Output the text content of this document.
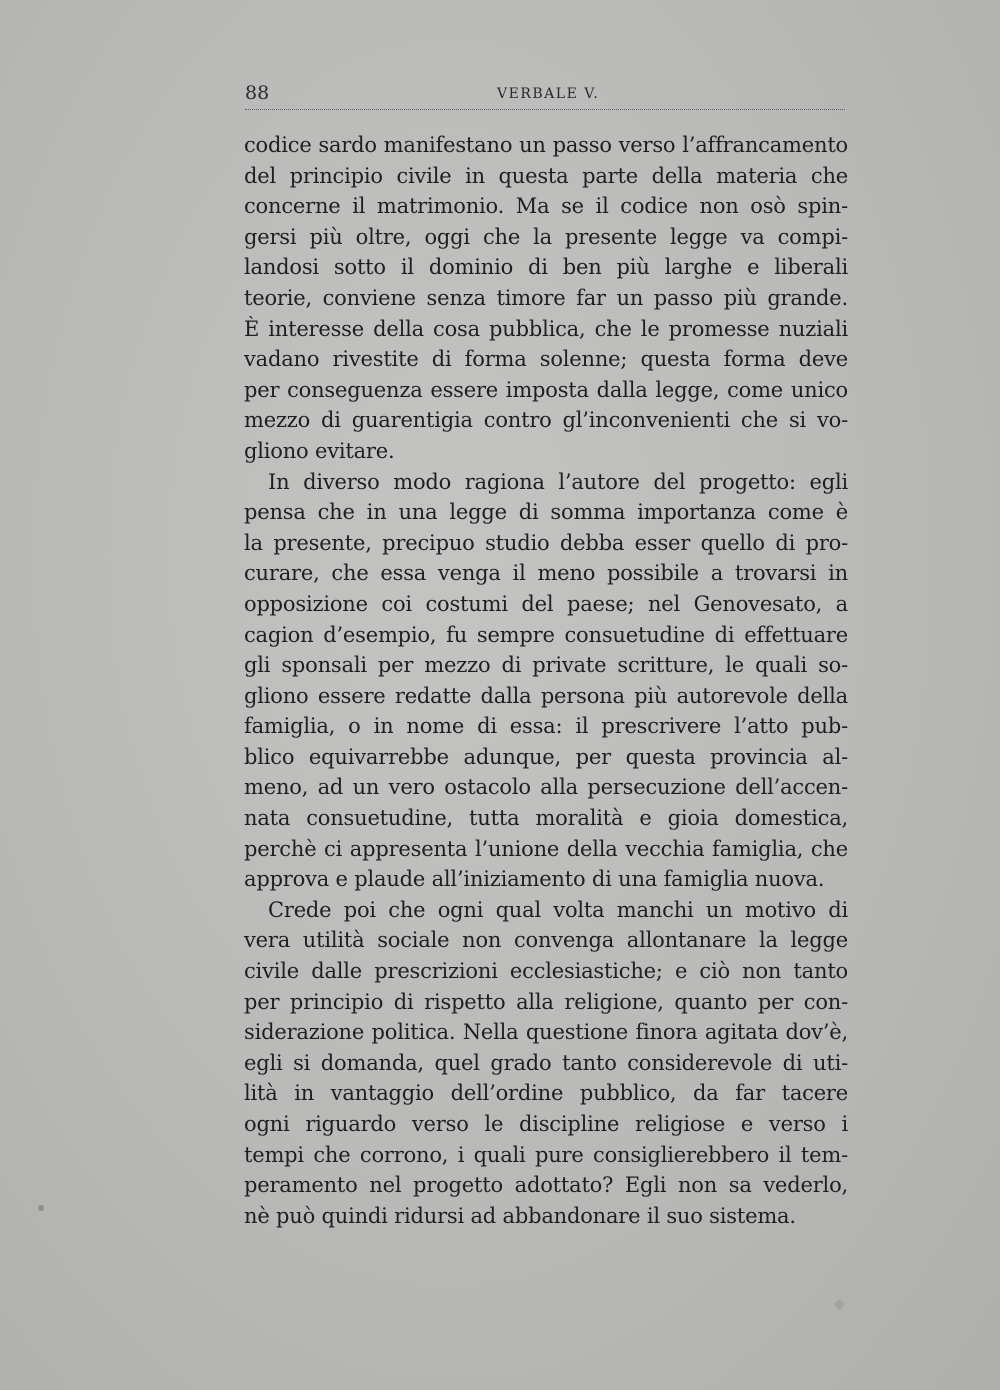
88	VERBALE V.
codice sardo manifestano un passo verso l’affrancamento
del principio civile in questa parte della materia che
concerne il matrimonio. Ma se il codice non osò spin-
gersi più oltre, oggi che la presente legge va compi-
landosi sotto il dominio di ben più larghe e liberali
teorie, conviene senza timore far un passo più grande.
È interesse della cosa pubblica, che le promesse nuziali
vadano rivestite di forma solenne; questa forma deve
per conseguenza essere imposta dalla legge, come unico
mezzo di guarentigia contro gl’inconvenienti che si vo-
gliono evitare.
In diverso modo ragiona l’autore del progetto: egli
pensa che in una legge di somma importanza come è
la presente, precipuo studio debba esser quello di pro-
curare, che essa venga il meno possibile a trovarsi in
opposizione coi costumi del paese; nel Genovesato, a
cagion d’esempio, fu sempre consuetudine di effettuare
gli sponsali per mezzo di private scritture, le quali so-
gliono essere redatte dalla persona più autorevole della
famiglia, o in nome di essa: il prescrivere l’atto pub-
blico equivarrebbe adunque, per questa provincia al-
meno, ad un vero ostacolo alla persecuzione dell’accen-
nata consuetudine, tutta moralità e gioia domestica,
perchè ci appresenta l’unione della vecchia famiglia, che
approva e plaude all’iniziamento di una famiglia nuova.
Crede poi che ogni qual volta manchi un motivo di
vera utilità sociale non convenga allontanare la legge
civile dalle prescrizioni ecclesiastiche; e ciò non tanto
per principio di rispetto alla religione, quanto per con-
siderazione politica. Nella questione finora agitata dov’è,
egli si domanda, quel grado tanto considerevole di uti-
lità in vantaggio dell’ordine pubblico, da far tacere
ogni riguardo verso le discipline religiose e verso i
tempi che corrono, i quali pure consiglierebbero il tem-
peramento nel progetto adottato? Egli non sa vederlo,
nè può quindi ridursi ad abbandonare il suo sistema.
